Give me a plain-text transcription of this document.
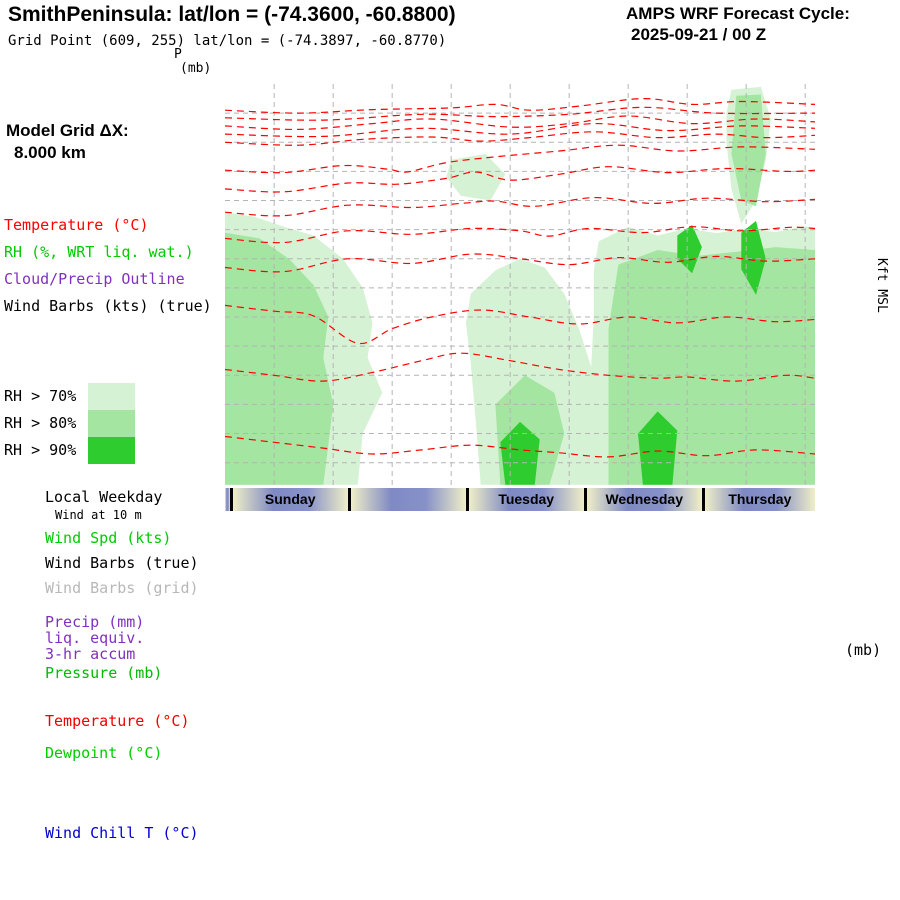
SmithPeninsula: lat/lon = (-74.3600, -60.8800)
Grid Point (609, 255) lat/lon = (-74.3897, -60.8770)
AMPS WRF Forecast Cycle:
2025-09-21 / 00 Z
P
(mb)
Kft MSL
Model Grid ΔX:
8.000 km
Temperature (°C)
RH (%, WRT liq. wat.)
Cloud/Precip Outline
Wind Barbs (kts) (true)
RH > 70%
RH > 80%
RH > 90%
Local Weekday
Wind at 10 m
Sunday	Tuesday	Wednesday	Thursday
Wind Spd (kts)
Wind Barbs (true)
Wind Barbs (grid)
Precip (mm)
liq. equiv.
3-hr accum
Pressure (mb)
(mb)
Temperature (°C)
Dewpoint (°C)
Wind Chill T (°C)
